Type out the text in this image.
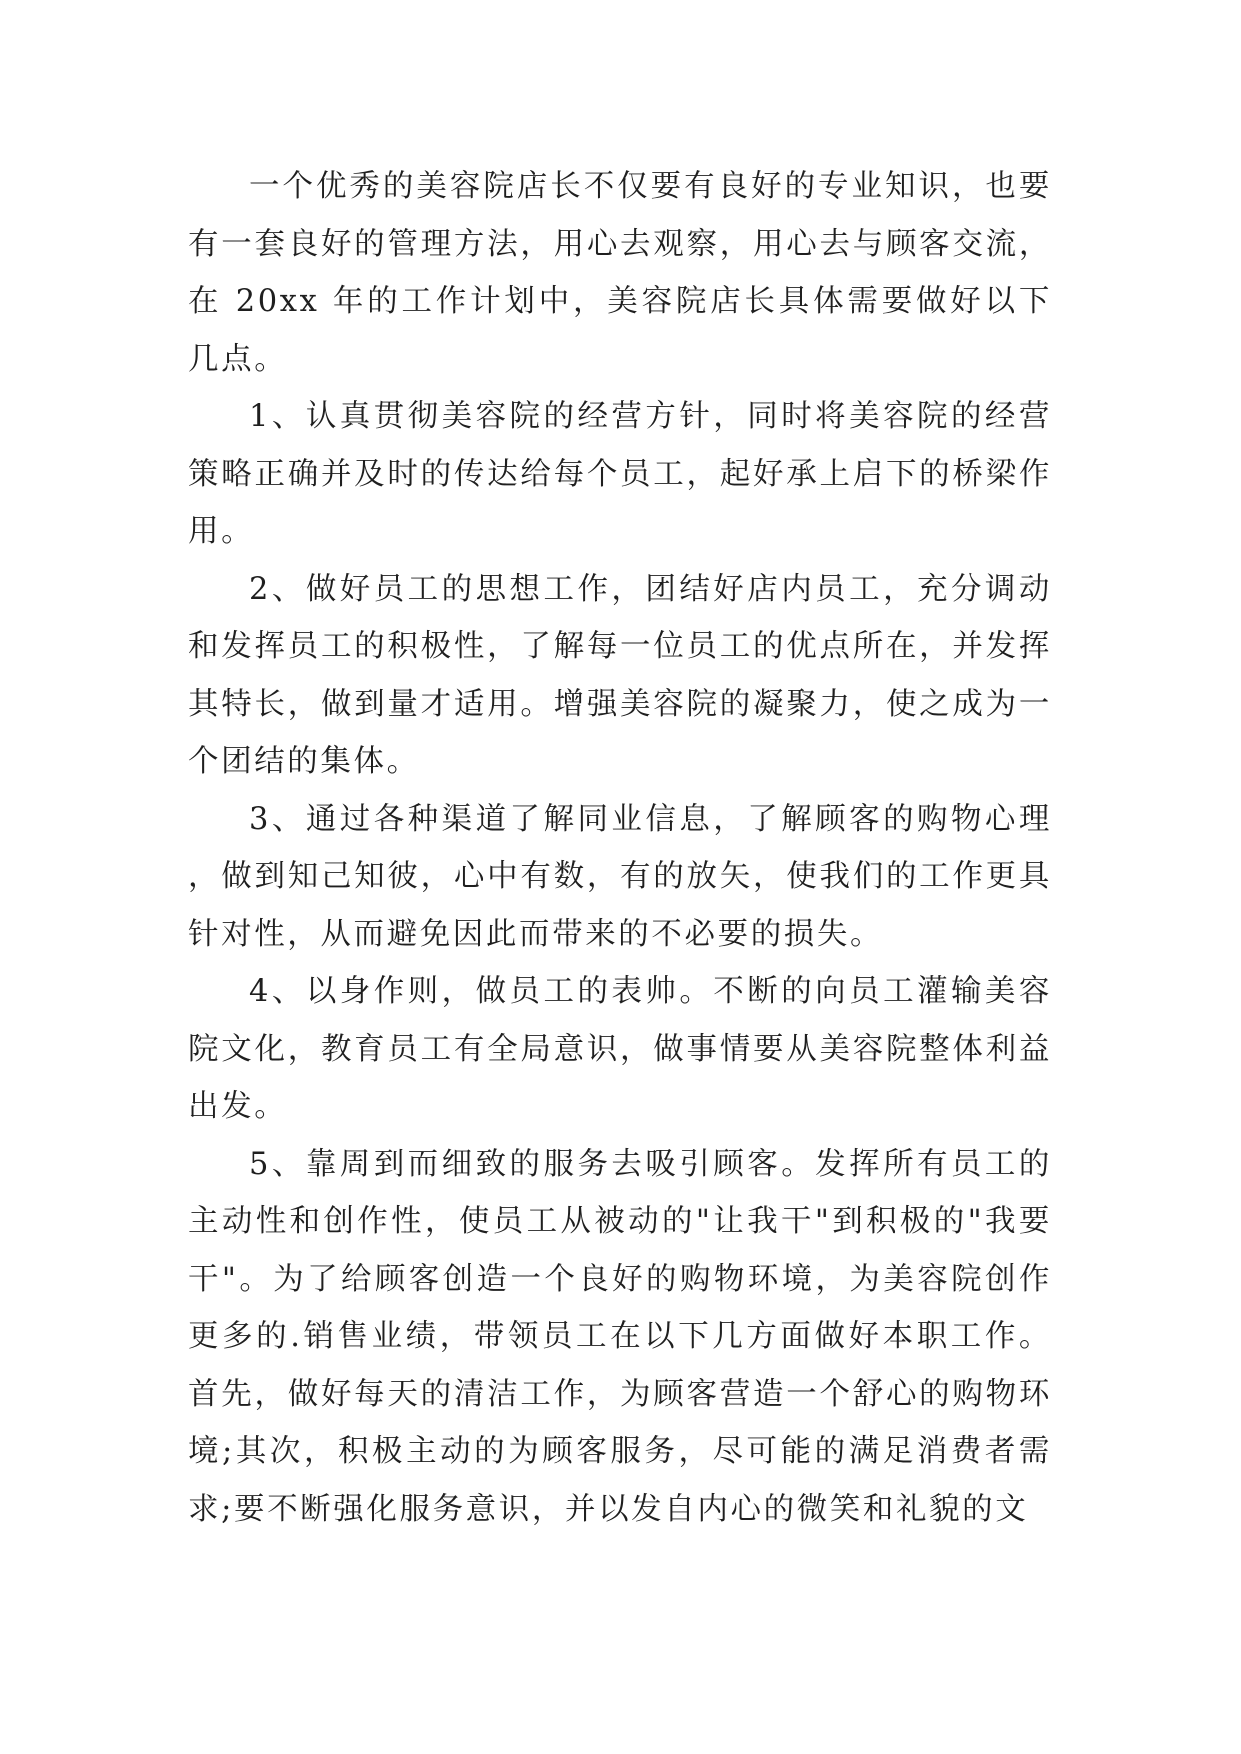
一个优秀的美容院店长不仅要有良好的专业知识，也要有一套良好的管理方法，用心去观察，用心去与顾客交流，在 20xx 年的工作计划中，美容院店长具体需要做好以下几点。

1、认真贯彻美容院的经营方针，同时将美容院的经营策略正确并及时的传达给每个员工，起好承上启下的桥梁作用。

2、做好员工的思想工作，团结好店内员工，充分调动和发挥员工的积极性，了解每一位员工的优点所在，并发挥其特长，做到量才适用。增强美容院的凝聚力，使之成为一个团结的集体。

3、通过各种渠道了解同业信息，了解顾客的购物心理，做到知己知彼，心中有数，有的放矢，使我们的工作更具针对性，从而避免因此而带来的不必要的损失。

4、以身作则，做员工的表帅。不断的向员工灌输美容院文化，教育员工有全局意识，做事情要从美容院整体利益出发。

5、靠周到而细致的服务去吸引顾客。发挥所有员工的主动性和创作性，使员工从被动的"让我干"到积极的"我要干"。为了给顾客创造一个良好的购物环境，为美容院创作更多的.销售业绩，带领员工在以下几方面做好本职工作。首先，做好每天的清洁工作，为顾客营造一个舒心的购物环境;其次，积极主动的为顾客服务，尽可能的满足消费者需求;要不断强化服务意识，并以发自内心的微笑和礼貌的文
